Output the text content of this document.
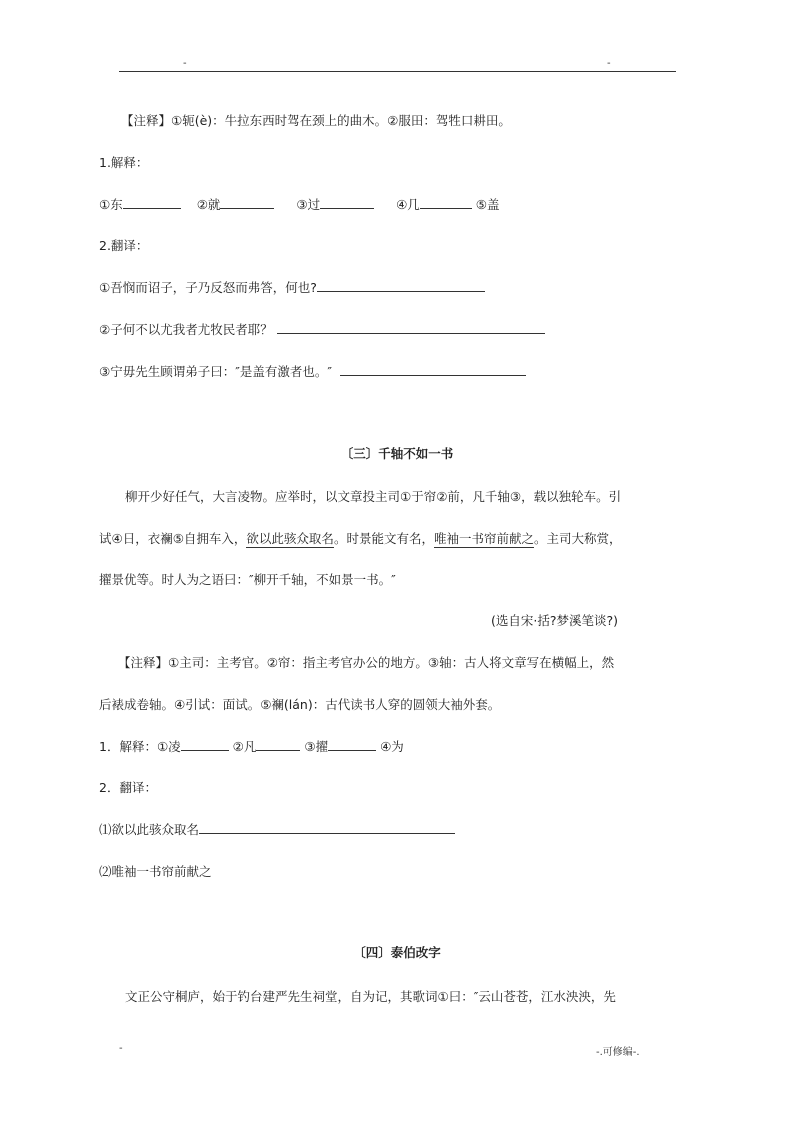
-	-
【注释】①轭(è)：牛拉东西时驾在颈上的曲木。②服田：驾牲口耕田。
1.解释：
①东	②就	③过	④几	⑤盖
2.翻译：
①吾悯而诏子，子乃反怒而弗答，何也?
②子何不以尤我者尤牧民者耶？
③宁毋先生顾谓弟子曰：″是盖有激者也。″
〔三〕千轴不如一书
柳开少好任气，大言凌物。应举时，以文章投主司①于帘②前，凡千轴③，载以独轮车。引
试④日，衣襕⑤自拥车入，欲以此骇众取名。时景能文有名，唯袖一书帘前献之。主司大称赏，
擢景优等。时人为之语曰：″柳开千轴，不如景一书。″
(选自宋·括?梦溪笔谈?)
【注释】①主司：主考官。②帘：指主考官办公的地方。③轴：古人将文章写在横幅上，然
后裱成卷轴。④引试：面试。⑤襕(lán)：古代读书人穿的圆领大袖外套。
1．解释：①凌	②凡	③擢	④为
2．翻译：
⑴欲以此骇众取名
⑵唯袖一书帘前献之
〔四〕泰伯改字
文正公守桐庐，始于钓台建严先生祠堂，自为记，其歌词①曰：″云山苍苍，江水泱泱，先
-	-.可修编-.
